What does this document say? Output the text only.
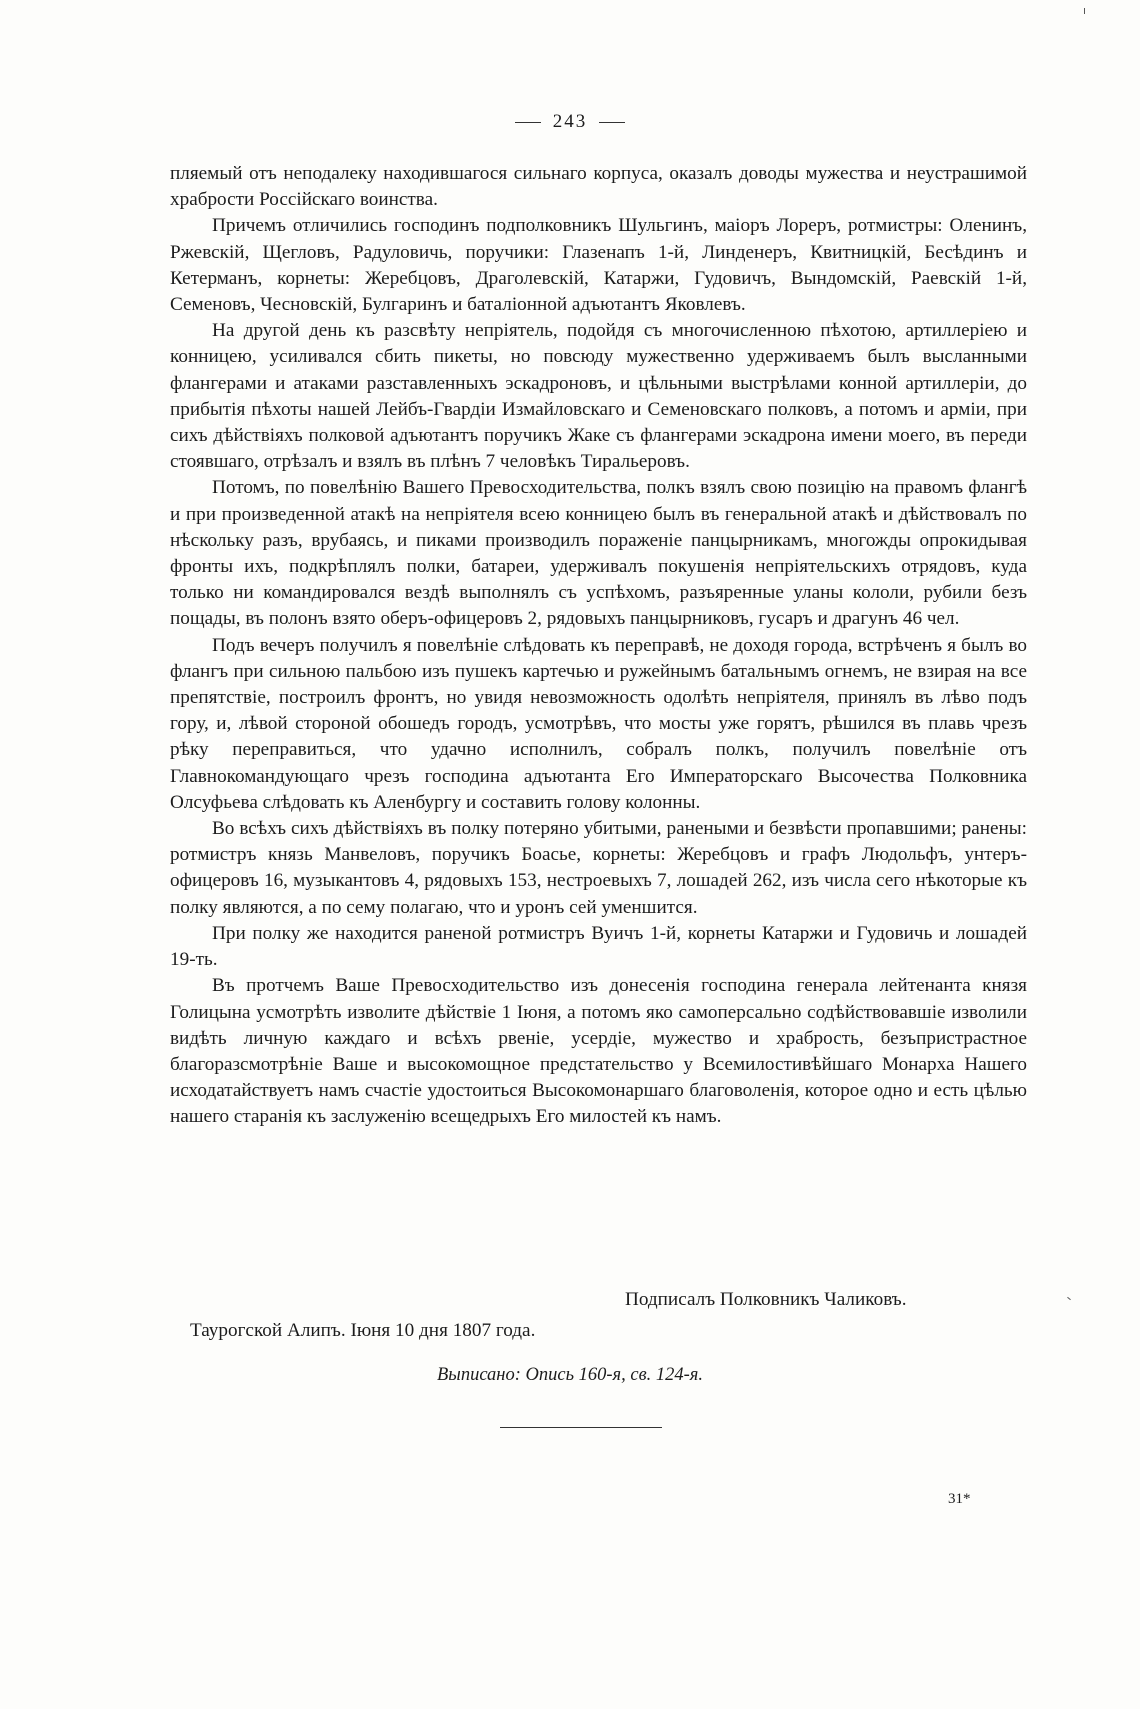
243

пляемый отъ неподалеку находившагося сильнаго корпуса, оказалъ доводы мужества и неустрашимой храбрости Россійскаго воинства.

Причемъ отличились господинъ подполковникъ Шульгинъ, маіоръ Лореръ, ротмистры: Оленинъ, Ржевскій, Щегловъ, Радуловичь, поручики: Глазенапъ 1-й, Линденеръ, Квитницкій, Бесѣдинъ и Кетерманъ, корнеты: Жеребцовъ, Драголевскій, Катаржи, Гудовичъ, Вындомскій, Раевскій 1-й, Семеновъ, Чесновскій, Булгаринъ и баталіонной адъютантъ Яковлевъ.

На другой день къ разсвѣту непріятель, подойдя съ многочисленною пѣхотою, артиллеріею и конницею, усиливался сбить пикеты, но повсюду мужественно удерживаемъ былъ высланными флангерами и атаками разставленныхъ эскадроновъ, и цѣльными выстрѣлами конной артиллеріи, до прибытія пѣхоты нашей Лейбъ-Гвардіи Измайловскаго и Семеновскаго полковъ, а потомъ и арміи, при сихъ дѣйствіяхъ полковой адъютантъ поручикъ Жаке съ флангерами эскадрона имени моего, въ переди стоявшаго, отрѣзалъ и взялъ въ плѣнъ 7 человѣкъ Тиральеровъ.

Потомъ, по повелѣнію Вашего Превосходительства, полкъ взялъ свою позицію на правомъ флангѣ и при произведенной атакѣ на непріятеля всею конницею былъ въ генеральной атакѣ и дѣйствовалъ по нѣскольку разъ, врубаясь, и пиками производилъ пораженіе панцырникамъ, многожды опрокидывая фронты ихъ, подкрѣплялъ полки, батареи, удерживалъ покушенія непріятельскихъ отрядовъ, куда только ни командировался вездѣ выполнялъ съ успѣхомъ, разъяренные уланы кололи, рубили безъ пощады, въ полонъ взято оберъ-офицеровъ 2, рядовыхъ панцырниковъ, гусаръ и драгунъ 46 чел.

Подъ вечеръ получилъ я повелѣніе слѣдовать къ переправѣ, не доходя города, встрѣченъ я былъ во флангъ при сильною пальбою изъ пушекъ картечью и ружейнымъ батальнымъ огнемъ, не взирая на все препятствіе, построилъ фронтъ, но увидя невозможность одолѣть непріятеля, принялъ въ лѣво подъ гору, и, лѣвой стороной обошедъ городъ, усмотрѣвъ, что мосты уже горятъ, рѣшился въ плавь чрезъ рѣку переправиться, что удачно исполнилъ, собралъ полкъ, получилъ повелѣніе отъ Главнокомандующаго чрезъ господина адъютанта Его Императорскаго Высочества Полковника Олсуфьева слѣдовать къ Аленбургу и составить голову колонны.

Во всѣхъ сихъ дѣйствіяхъ въ полку потеряно убитыми, ранеными и безвѣсти пропавшими; ранены: ротмистръ князь Манвеловъ, поручикъ Боасье, корнеты: Жеребцовъ и графъ Людольфъ, унтеръ-офицеровъ 16, музыкантовъ 4, рядовыхъ 153, нестроевыхъ 7, лошадей 262, изъ числа сего нѣкоторые къ полку являются, а по сему полагаю, что и уронъ сей уменшится.

При полку же находится раненой ротмистръ Вуичъ 1-й, корнеты Катаржи и Гудовичь и лошадей 19-ть.

Въ протчемъ Ваше Превосходительство изъ донесенія господина генерала лейтенанта князя Голицына усмотрѣть изволите дѣйствіе 1 Іюня, а потомъ яко самоперсально содѣйствовавшіе изволили видѣть личную каждаго и всѣхъ рвеніе, усердіе, мужество и храбрость, безъпристрастное благоразсмотрѣніе Ваше и высокомощное предстательство у Всемилостивѣйшаго Монарха Нашего исходатайствуетъ намъ счастіе удостоиться Высокомонаршаго благоволенія, которое одно и есть цѣлью нашего старанія къ заслуженію всещедрыхъ Его милостей къ намъ.

Подписалъ Полковникъ Чаликовъ.
Таурогской Алипъ. Іюня 10 дня 1807 года.
Выписано: Опись 160-я, св. 124-я.
31*
